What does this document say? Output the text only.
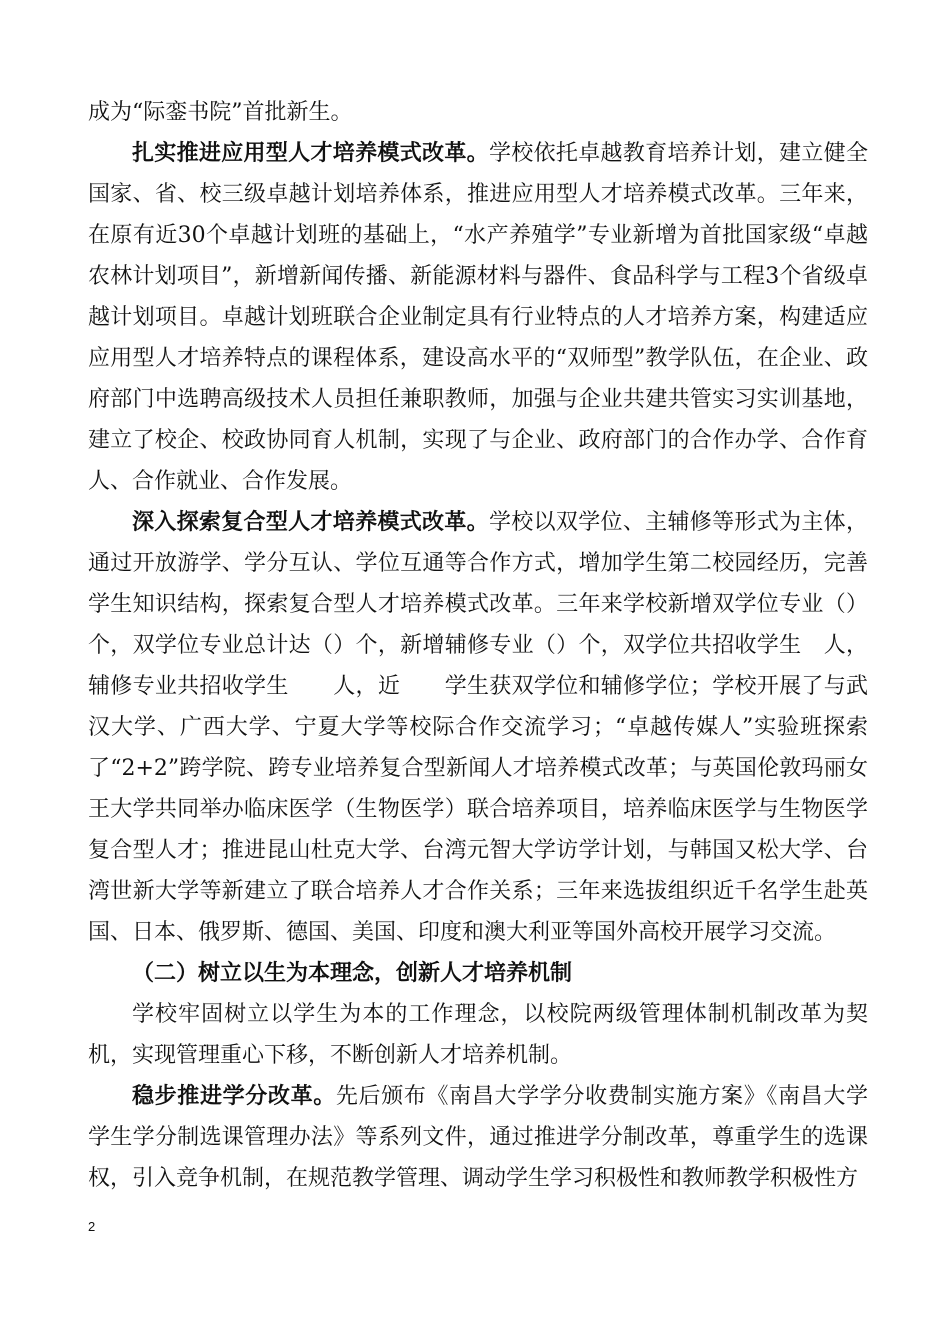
成为“际銮书院”首批新生。

扎实推进应用型人才培养模式改革。学校依托卓越教育培养计划，建立健全国家、省、校三级卓越计划培养体系，推进应用型人才培养模式改革。三年来，在原有近30个卓越计划班的基础上，“水产养殖学”专业新增为首批国家级“卓越农林计划项目”，新增新闻传播、新能源材料与器件、食品科学与工程3个省级卓越计划项目。卓越计划班联合企业制定具有行业特点的人才培养方案，构建适应应用型人才培养特点的课程体系，建设高水平的“双师型”教学队伍，在企业、政府部门中选聘高级技术人员担任兼职教师，加强与企业共建共管实习实训基地，建立了校企、校政协同育人机制，实现了与企业、政府部门的合作办学、合作育人、合作就业、合作发展。

深入探索复合型人才培养模式改革。学校以双学位、主辅修等形式为主体，通过开放游学、学分互认、学位互通等合作方式，增加学生第二校园经历，完善学生知识结构，探索复合型人才培养模式改革。三年来学校新增双学位专业（）个，双学位专业总计达（）个，新增辅修专业（）个，双学位共招收学生　人，辅修专业共招收学生　　人，近　　学生获双学位和辅修学位；学校开展了与武汉大学、广西大学、宁夏大学等校际合作交流学习；“卓越传媒人”实验班探索了“2+2”跨学院、跨专业培养复合型新闻人才培养模式改革；与英国伦敦玛丽女王大学共同举办临床医学（生物医学）联合培养项目，培养临床医学与生物医学复合型人才；推进昆山杜克大学、台湾元智大学访学计划，与韩国又松大学、台湾世新大学等新建立了联合培养人才合作关系；三年来选拔组织近千名学生赴英国、日本、俄罗斯、德国、美国、印度和澳大利亚等国外高校开展学习交流。

（二）树立以生为本理念，创新人才培养机制

学校牢固树立以学生为本的工作理念，以校院两级管理体制机制改革为契机，实现管理重心下移，不断创新人才培养机制。

稳步推进学分改革。先后颁布《南昌大学学分收费制实施方案》《南昌大学学生学分制选课管理办法》等系列文件，通过推进学分制改革，尊重学生的选课权，引入竞争机制，在规范教学管理、调动学生学习积极性和教师教学积极性方

2
